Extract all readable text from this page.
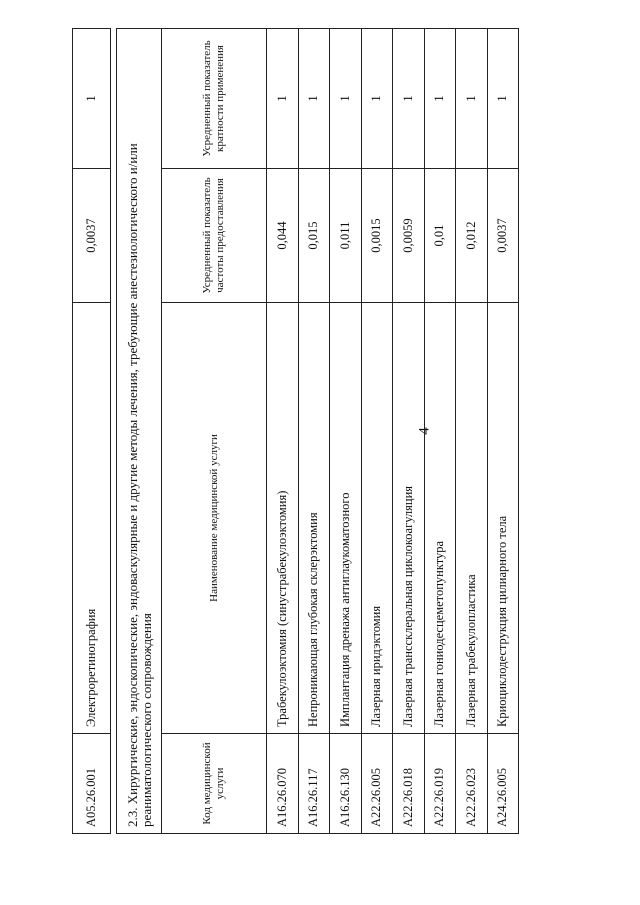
4
A05.26.001	Электроретинография	0,0037	1
2.3. Хирургические, эндоскопические, эндоваскулярные и другие методы лечения, требующие анестезиологического и/или реаниматологического сопровождения			
Код медицинской услуги	Наименование медицинской услуги	Усредненный показатель частоты предоставления	Усредненный показатель кратности применения
A16.26.070	Трабекулоэктомия (синустрабекулоэктомия)	0,044	1
A16.26.117	Непроникающая глубокая склерэктомия	0,015	1
A16.26.130	Имплантация дренажа антиглаукоматозного	0,011	1
A22.26.005	Лазерная иридэктомия	0,0015	1
A22.26.018	Лазерная транссклеральная циклокоагуляция	0,0059	1
A22.26.019	Лазерная гониодесцеметопунктура	0,01	1
A22.26.023	Лазерная трабекулопластика	0,012	1
A24.26.005	Криоциклодеструкция цилиарного тела	0,0037	1
